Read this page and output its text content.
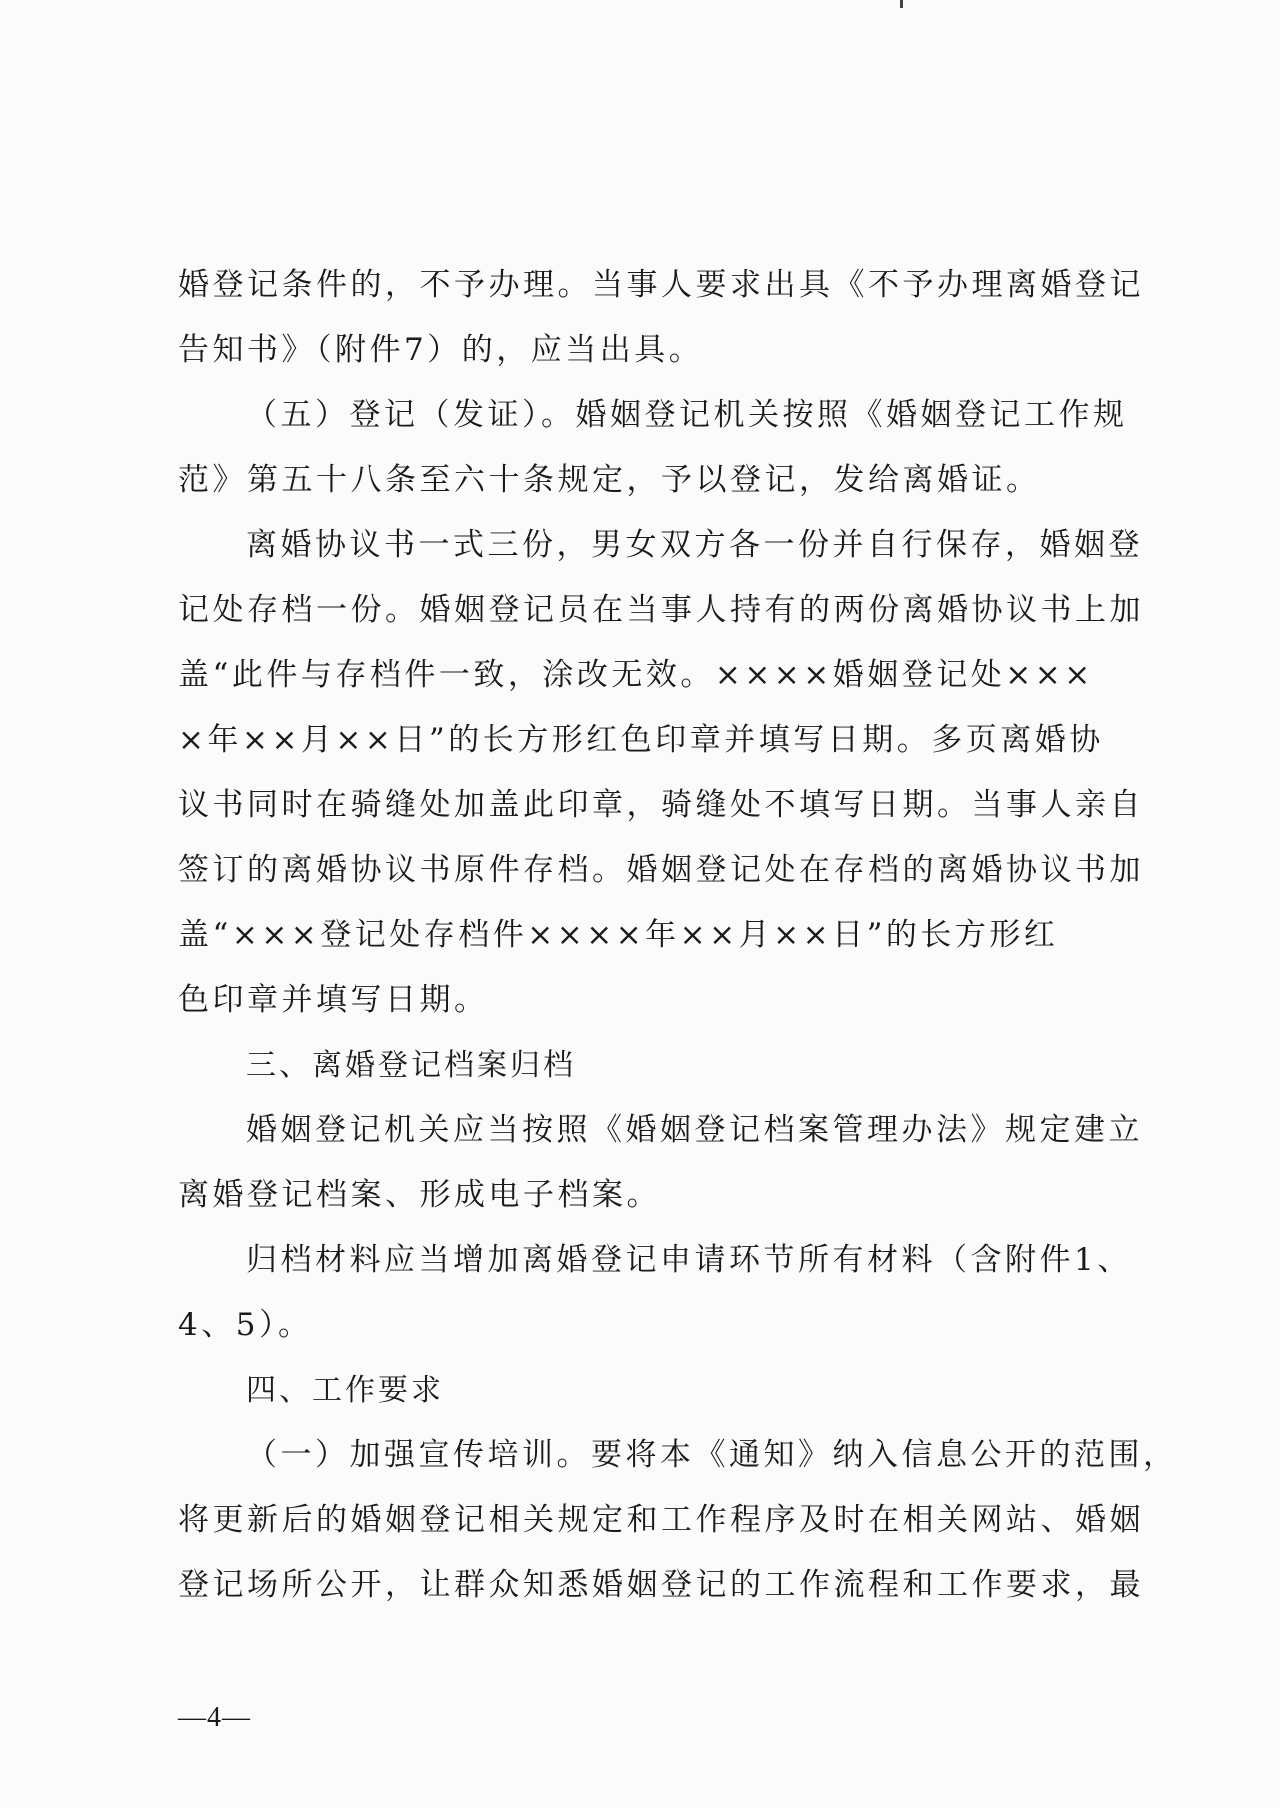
婚登记条件的，不予办理。当事人要求出具《不予办理离婚登记
告知书》（附件7）的，应当出具。
（五）登记（发证）。婚姻登记机关按照《婚姻登记工作规
范》第五十八条至六十条规定，予以登记，发给离婚证。
离婚协议书一式三份，男女双方各一份并自行保存，婚姻登
记处存档一份。婚姻登记员在当事人持有的两份离婚协议书上加
盖“此件与存档件一致，涂改无效。××××婚姻登记处×××
×年××月××日”的长方形红色印章并填写日期。多页离婚协
议书同时在骑缝处加盖此印章，骑缝处不填写日期。当事人亲自
签订的离婚协议书原件存档。婚姻登记处在存档的离婚协议书加
盖“×××登记处存档件××××年××月××日”的长方形红
色印章并填写日期。
三、离婚登记档案归档
婚姻登记机关应当按照《婚姻登记档案管理办法》规定建立
离婚登记档案、形成电子档案。
归档材料应当增加离婚登记申请环节所有材料（含附件1、
4、5）。
四、工作要求
（一）加强宣传培训。要将本《通知》纳入信息公开的范围，
将更新后的婚姻登记相关规定和工作程序及时在相关网站、婚姻
登记场所公开，让群众知悉婚姻登记的工作流程和工作要求，最
—4—
